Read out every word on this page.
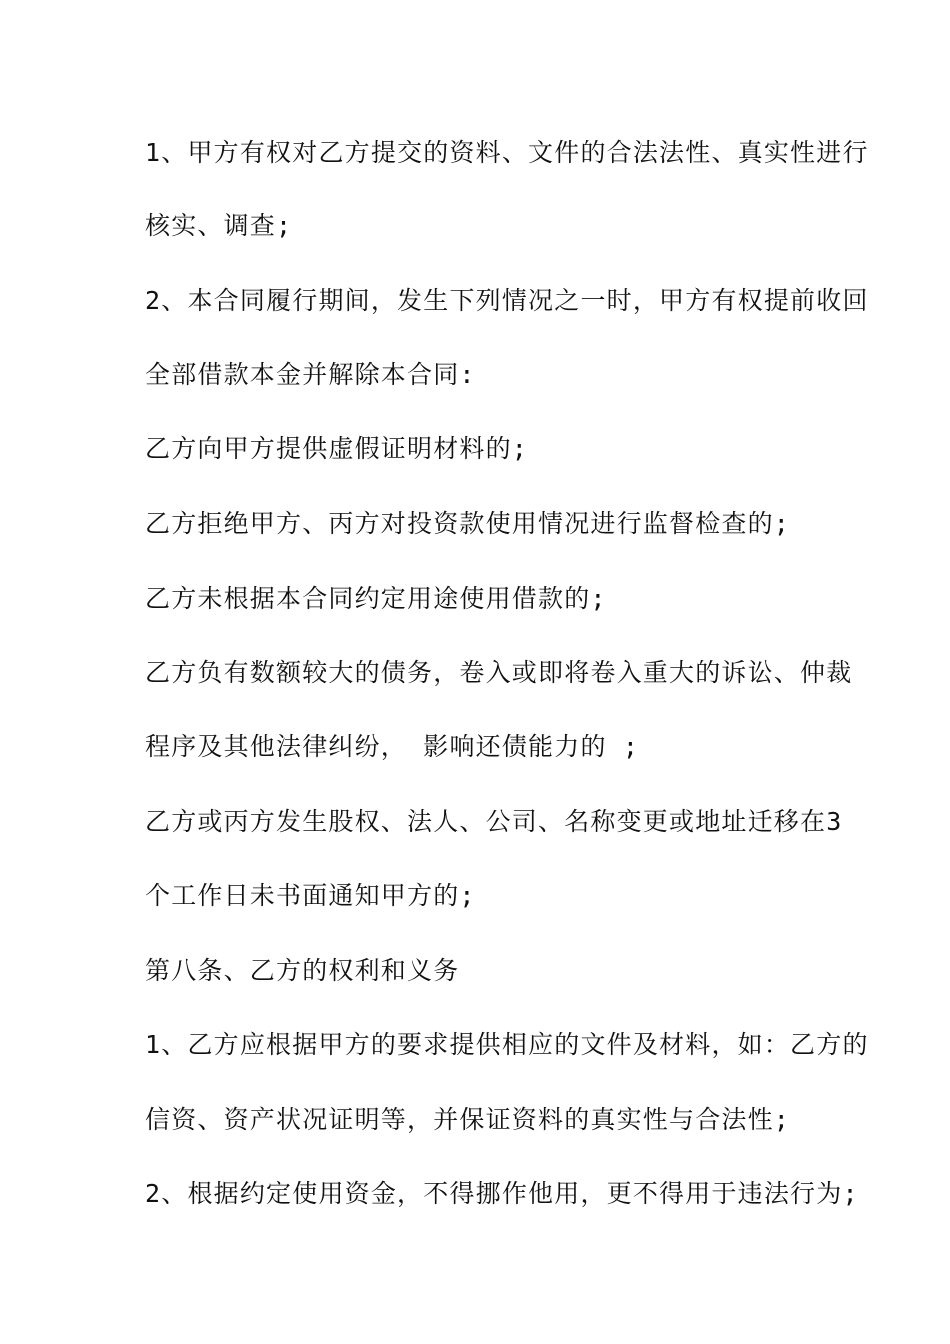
1、甲方有权对乙方提交的资料、文件的合法法性、真实性进行
核实、调查;
2、本合同履行期间，发生下列情况之一时，甲方有权提前收回
全部借款本金并解除本合同:
乙方向甲方提供虚假证明材料的;
乙方拒绝甲方、丙方对投资款使用情况进行监督检查的;
乙方未根据本合同约定用途使用借款的;
乙方负有数额较大的债务，卷入或即将卷入重大的诉讼、仲裁
程序及其他法律纠纷， 影响还债能力的 ;
乙方或丙方发生股权、法人、公司、名称变更或地址迁移在3
个工作日未书面通知甲方的;
第八条、乙方的权利和义务
1、乙方应根据甲方的要求提供相应的文件及材料，如：乙方的
信资、资产状况证明等，并保证资料的真实性与合法性;
2、根据约定使用资金，不得挪作他用，更不得用于违法行为;
